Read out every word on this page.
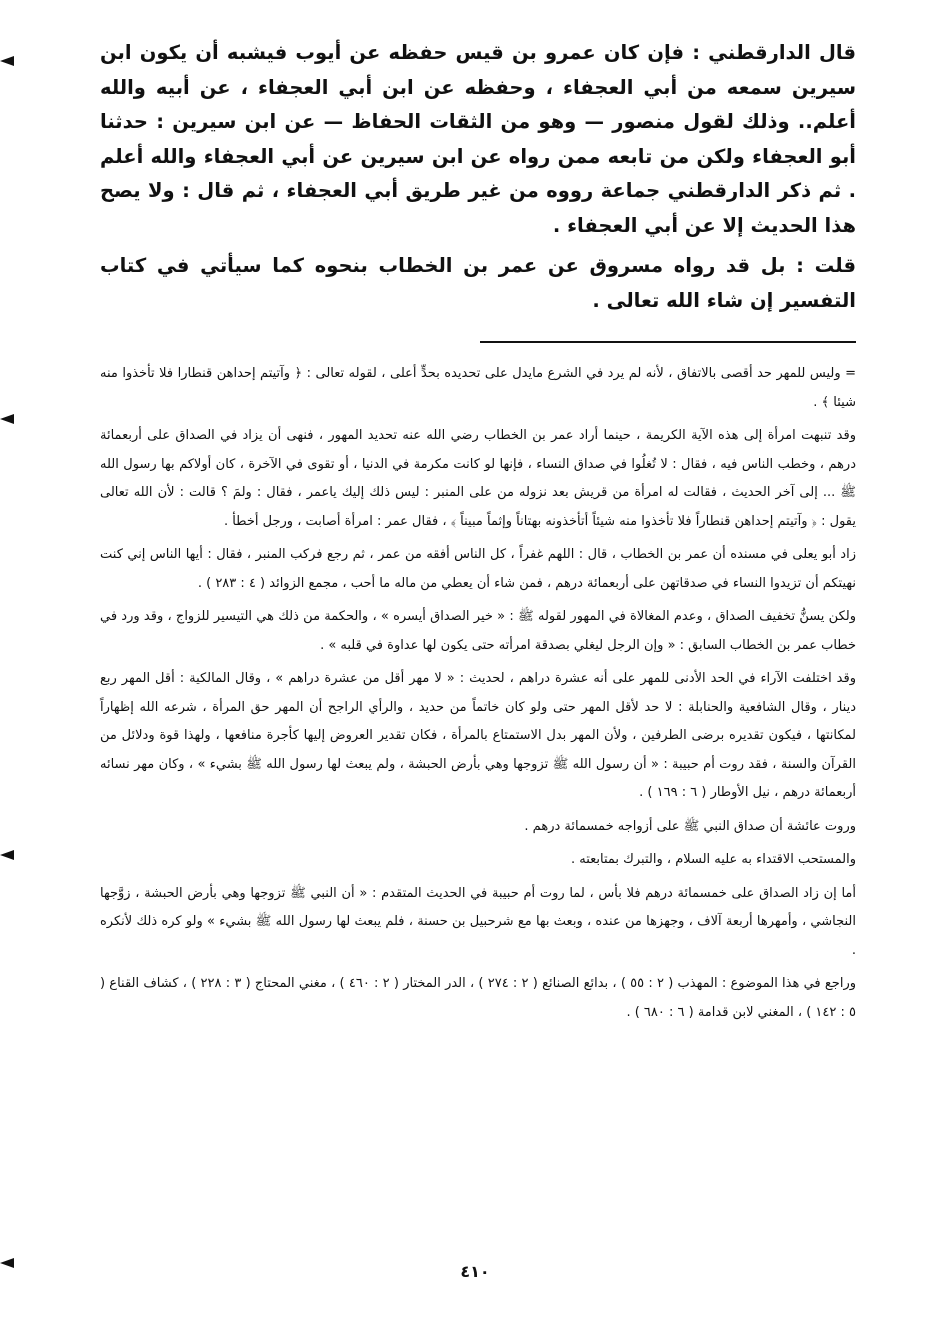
قال الدارقطني : فإن كان عمرو بن قيس حفظه عن أيوب فيشبه أن يكون ابن سيرين سمعه من أبي العجفاء ، وحفظه عن ابن أبي العجفاء ، عن أبيه والله أعلم.. وذلك لقول منصور — وهو من الثقات الحفاظ — عن ابن سيرين : حدثنا أبو العجفاء ولكن من تابعه ممن رواه عن ابن سيرين عن أبي العجفاء والله أعلم . ثم ذكر الدارقطني جماعة رووه من غير طريق أبي العجفاء ، ثم قال : ولا يصح هذا الحديث إلا عن أبي العجفاء .

قلت : بل قد رواه مسروق عن عمر بن الخطاب بنحوه كما سيأتي في كتاب التفسير إن شاء الله تعالى .

= وليس للمهر حد أقصى بالاتفاق ، لأنه لم يرد في الشرع مايدل على تحديده بحدٍّ أعلى ، لقوله تعالى : ﴿ وآتيتم إحداهن قنطارا فلا تأخذوا منه شيئا ﴾ .

وقد تنبهت امرأة إلى هذه الآية الكريمة ، حينما أراد عمر بن الخطاب رضي الله عنه تحديد المهور ، فنهى أن يزاد في الصداق على أربعمائة درهم ، وخطب الناس فيه ، فقال : لا تُغلُوا في صداق النساء ، فإنها لو كانت مكرمة في الدنيا ، أو تقوى في الآخرة ، كان أولاكم بها رسول الله ﷺ ... إلى آخر الحديث ، فقالت له امرأة من قريش بعد نزوله من على المنبر : ليس ذلك إليك ياعمر ، فقال : ولمَ ؟ قالت : لأن الله تعالى يقول : ﴿ وآتيتم إحداهن قنطاراً فلا تأخذوا منه شيئاً أتأخذونه بهتاناً وإثماً مبيناً ﴾ ، فقال عمر : امرأة أصابت ، ورجل أخطأ .

زاد أبو يعلى في مسنده أن عمر بن الخطاب ، قال : اللهم غفراً ، كل الناس أفقه من عمر ، ثم رجع فركب المنبر ، فقال : أيها الناس إني كنت نهيتكم أن تزيدوا النساء في صدقاتهن على أربعمائة درهم ، فمن شاء أن يعطي من ماله ما أحب ، مجمع الزوائد ( ٤ : ٢٨٣ ) .

ولكن يسنُّ تخفيف الصداق ، وعدم المغالاة في المهور لقوله ﷺ : « خير الصداق أيسره » ، والحكمة من ذلك هي التيسير للزواج ، وقد ورد في خطاب عمر بن الخطاب السابق : « وإن الرجل ليغلي بصدقة امرأته حتى يكون لها عداوة في قلبه » .

وقد اختلفت الآراء في الحد الأدنى للمهر على أنه عشرة دراهم ، لحديث : « لا مهر أقل من عشرة دراهم » ، وقال المالكية : أقل المهر ربع دينار ، وقال الشافعية والحنابلة : لا حد لأقل المهر حتى ولو كان خاتماً من حديد ، والرأي الراجح أن المهر حق المرأة ، شرعه الله إظهاراً لمكانتها ، فيكون تقديره برضى الطرفين ، ولأن المهر بدل الاستمتاع بالمرأة ، فكان تقدير العروض إليها كأجرة منافعها ، ولهذا قوة ودلائل من القرآن والسنة ، فقد روت أم حبيبة : « أن رسول الله ﷺ تزوجها وهي بأرض الحبشة ، ولم يبعث لها رسول الله ﷺ بشيء » ، وكان مهر نسائه أربعمائة درهم ، نيل الأوطار ( ٦ : ١٦٩ ) .

وروت عائشة أن صداق النبي ﷺ على أزواجه خمسمائة درهم .

والمستحب الاقتداء به عليه السلام ، والتبرك بمتابعته .

أما إن زاد الصداق على خمسمائة درهم فلا بأس ، لما روت أم حبيبة في الحديث المتقدم : « أن النبي ﷺ تزوجها وهي بأرض الحبشة ، زوَّجها النجاشي ، وأمهرها أربعة آلاف ، وجهزها من عنده ، وبعث بها مع شرحبيل بن حسنة ، فلم يبعث لها رسول الله ﷺ بشيء » ولو كره ذلك لأنكره .

وراجع في هذا الموضوع : المهذب ( ٢ : ٥٥ ) ، بدائع الصنائع ( ٢ : ٢٧٤ ) ، الدر المختار ( ٢ : ٤٦٠ ) ، مغني المحتاج ( ٣ : ٢٢٨ ) ، كشاف القناع ( ٥ : ١٤٢ ) ، المغني لابن قدامة ( ٦ : ٦٨٠ ) .

٤١٠
